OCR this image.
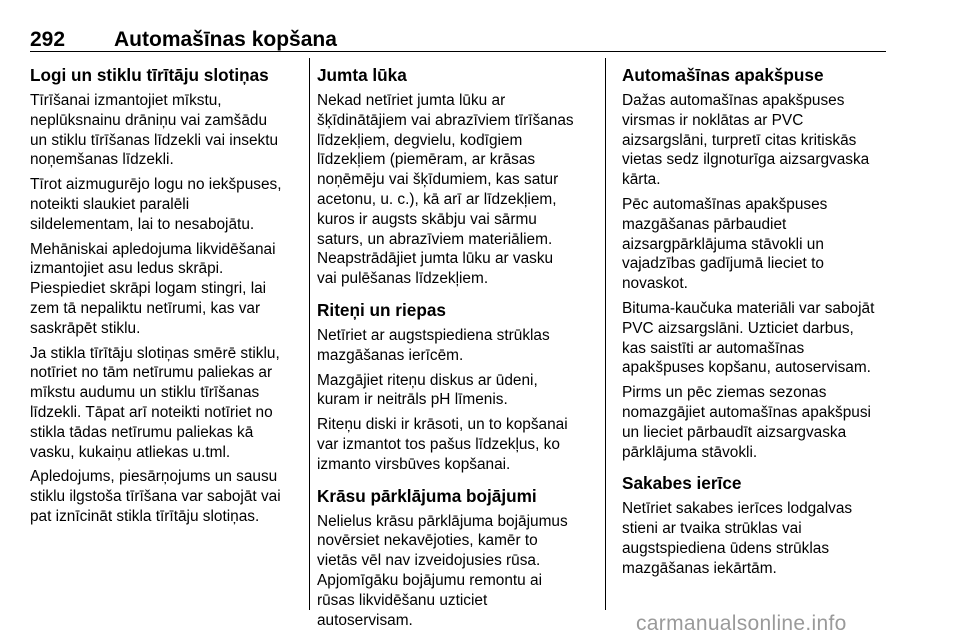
292 Automašīnas kopšana
Logi un stiklu tīrītāju slotiņas

Tīrīšanai izmantojiet mīkstu,
neplūksnainu drāniņu vai zamšādu
un stiklu tīrīšanas līdzekli vai insektu
noņemšanas līdzekli.

Tīrot aizmugurējo logu no iekšpuses,
noteikti slaukiet paralēli
sildelementam, lai to nesabojātu.

Mehāniskai apledojuma likvidēšanai
izmantojiet asu ledus skrāpi.
Piespiediet skrāpi logam stingri, lai
zem tā nepaliktu netīrumi, kas var
saskrāpēt stiklu.

Ja stikla tīrītāju slotiņas smērē stiklu,
notīriet no tām netīrumu paliekas ar
mīkstu audumu un stiklu tīrīšanas
līdzekli. Tāpat arī noteikti notīriet no
stikla tādas netīrumu paliekas kā
vasku, kukaiņu atliekas u.tml.

Apledojums, piesārņojums un sausu
stiklu ilgstoša tīrīšana var sabojāt vai
pat iznīcināt stikla tīrītāju slotiņas.

Jumta lūka

Nekad netīriet jumta lūku ar
šķīdinātājiem vai abrazīviem tīrīšanas
līdzekļiem, degvielu, kodīgiem
līdzekļiem (piemēram, ar krāsas
noņēmēju vai šķīdumiem, kas satur
acetonu, u. c.), kā arī ar līdzekļiem,
kuros ir augsts skābju vai sārmu
saturs, un abrazīviem materiāliem.
Neapstrādājiet jumta lūku ar vasku
vai pulēšanas līdzekļiem.

Riteņi un riepas

Netīriet ar augstspiediena strūklas
mazgāšanas ierīcēm.

Mazgājiet riteņu diskus ar ūdeni,
kuram ir neitrāls pH līmenis.

Riteņu diski ir krāsoti, un to kopšanai
var izmantot tos pašus līdzekļus, ko
izmanto virsbūves kopšanai.

Krāsu pārklājuma bojājumi

Nelielus krāsu pārklājuma bojājumus
novērsiet nekavējoties, kamēr to
vietās vēl nav izveidojusies rūsa.
Apjomīgāku bojājumu remontu ai
rūsas likvidēšanu uzticiet
autoservisam.

Automašīnas apakšpuse

Dažas automašīnas apakšpuses
virsmas ir noklātas ar PVC
aizsargslāni, turpretī citas kritiskās
vietas sedz ilgnoturīga aizsargvaska
kārta.

Pēc automašīnas apakšpuses
mazgāšanas pārbaudiet
aizsargpārklājuma stāvokli un
vajadzības gadījumā lieciet to
novaskot.

Bituma-kaučuka materiāli var sabojāt
PVC aizsargslāni. Uzticiet darbus,
kas saistīti ar automašīnas
apakšpuses kopšanu, autoservisam.

Pirms un pēc ziemas sezonas
nomazgājiet automašīnas apakšpusi
un lieciet pārbaudīt aizsargvaska
pārklājuma stāvokli.

Sakabes ierīce

Netīriet sakabes ierīces lodgalvas
stieni ar tvaika strūklas vai
augstspiediena ūdens strūklas
mazgāšanas iekārtām.

carmanualsonline.info
